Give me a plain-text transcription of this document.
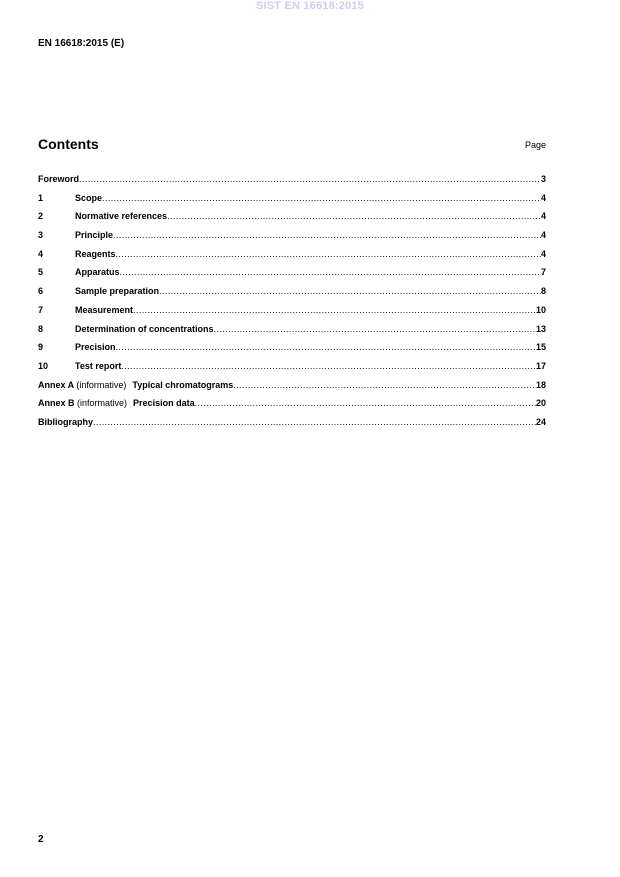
SIST EN 16618:2015
EN 16618:2015 (E)
Contents	Page
Foreword .....	3
1	Scope .....	4
2	Normative references .....	4
3	Principle .....	4
4	Reagents .....	4
5	Apparatus .....	7
6	Sample preparation .....	8
7	Measurement .....	10
8	Determination of concentrations .....	13
9	Precision .....	15
10	Test report .....	17
Annex A (informative) Typical chromatograms .....	18
Annex B (informative) Precision data .....	20
Bibliography .....	24
2
